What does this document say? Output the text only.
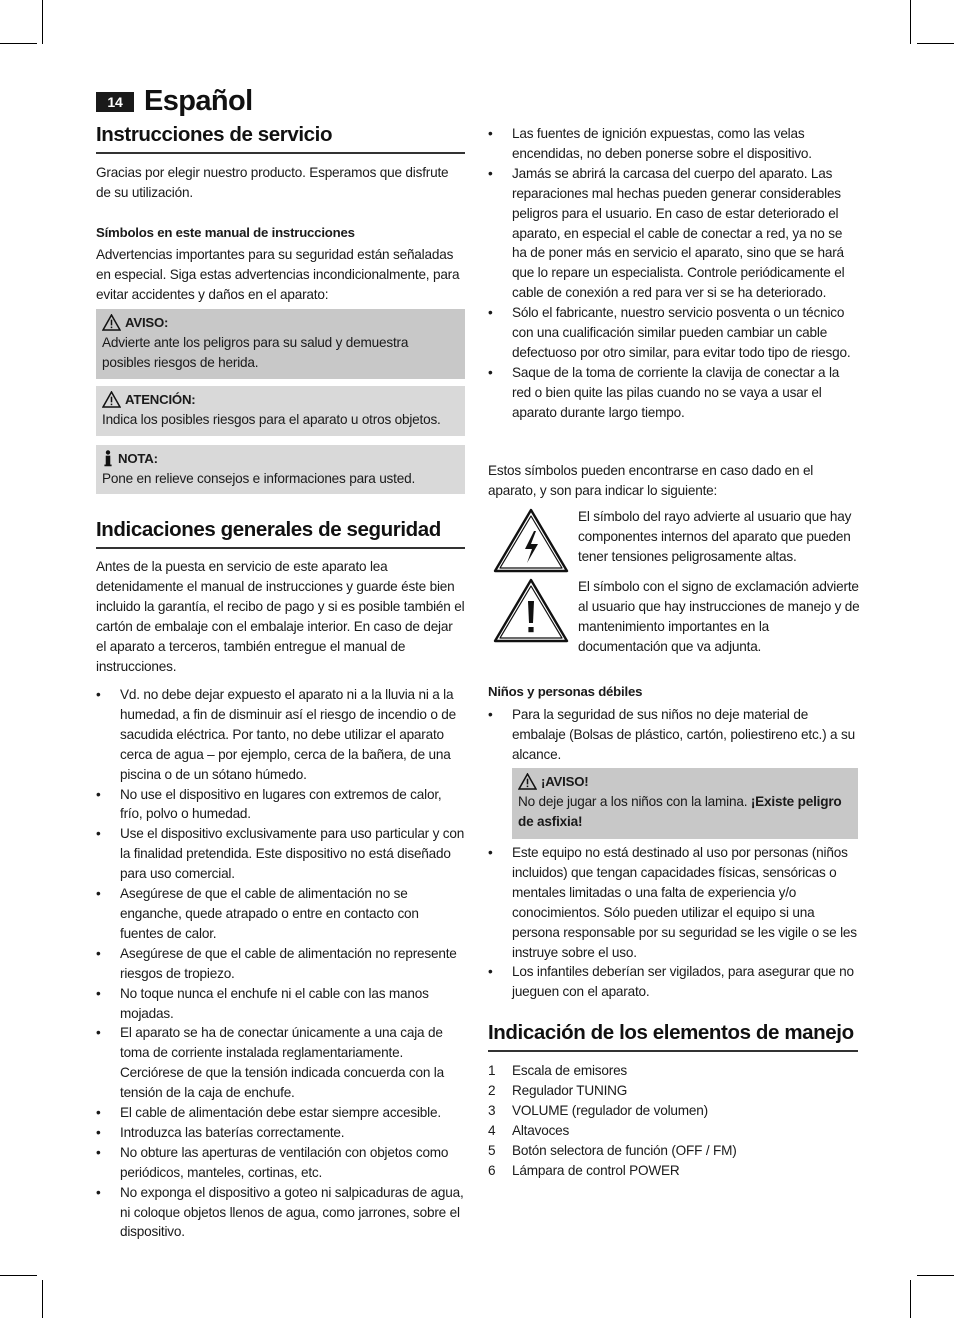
14 Español
Instrucciones de servicio

Gracias por elegir nuestro producto. Esperamos que disfrute de su utilización.

Símbolos en este manual de instrucciones

Advertencias importantes para su seguridad están señaladas en especial. Siga estas advertencias incondicionalmente, para evitar accidentes y daños en el aparato:

AVISO:
Advierte ante los peligros para su salud y demuestra posibles riesgos de herida.
ATENCIÓN:
Indica los posibles riesgos para el aparato u otros objetos.
NOTA:
Pone en relieve consejos e informaciones para usted.
Indicaciones generales de seguridad

Antes de la puesta en servicio de este aparato lea detenidamente el manual de instrucciones y guarde éste bien incluido la garantía, el recibo de pago y si es posible también el cartón de embalaje con el embalaje interior. En caso de dejar el aparato a terceros, también entregue el manual de instrucciones.

• Vd. no debe dejar expuesto el aparato ni a la lluvia ni a la humedad, a fin de disminuir así el riesgo de incendio o de sacudida eléctrica. Por tanto, no debe utilizar el aparato cerca de agua – por ejemplo, cerca de la bañera, de una piscina o de un sótano húmedo.
• No use el dispositivo en lugares con extremos de calor, frío, polvo o humedad.
• Use el dispositivo exclusivamente para uso particular y con la finalidad pretendida. Este dispositivo no está diseñado para uso comercial.
• Asegúrese de que el cable de alimentación no se enganche, quede atrapado o entre en contacto con fuentes de calor.
• Asegúrese de que el cable de alimentación no represente riesgos de tropiezo.
• No toque nunca el enchufe ni el cable con las manos mojadas.
• El aparato se ha de conectar únicamente a una caja de toma de corriente instalada reglamentariamente. Cerciórese de que la tensión indicada concuerda con la tensión de la caja de enchufe.
• El cable de alimentación debe estar siempre accesible.
• Introduzca las baterías correctamente.
• No obture las aperturas de ventilación con objetos como periódicos, manteles, cortinas, etc.
• No exponga el dispositivo a goteo ni salpicaduras de agua, ni coloque objetos llenos de agua, como jarrones, sobre el dispositivo.
• Las fuentes de ignición expuestas, como las velas encendidas, no deben ponerse sobre el dispositivo.
• Jamás se abrirá la carcasa del cuerpo del aparato. Las reparaciones mal hechas pueden generar considerables peligros para el usuario. En caso de estar deteriorado el aparato, en especial el cable de conectar a red, ya no se ha de poner más en servicio el aparato, sino que se hará que lo repare un especialista. Controle periódicamente el cable de conexión a red para ver si se ha deteriorado.
• Sólo el fabricante, nuestro servicio posventa o un técnico con una cualificación similar pueden cambiar un cable defectuoso por otro similar, para evitar todo tipo de riesgo.
• Saque de la toma de corriente la clavija de conectar a la red o bien quite las pilas cuando no se vaya a usar el aparato durante largo tiempo.

Estos símbolos pueden encontrarse en caso dado en el aparato, y son para indicar lo siguiente:

El símbolo del rayo advierte al usuario que hay componentes internos del aparato que pueden tener tensiones peligrosamente altas.
El símbolo con el signo de exclamación advierte al usuario que hay instrucciones de manejo y de mantenimiento importantes en la documentación que va adjunta.
Niños y personas débiles
• Para la seguridad de sus niños no deje material de embalaje (Bolsas de plástico, cartón, poliestireno etc.) a su alcance.
¡AVISO!
No deje jugar a los niños con la lamina. ¡Existe peligro de asfixia!
• Este equipo no está destinado al uso por personas (niños incluidos) que tengan capacidades físicas, sensóricas o mentales limitadas o una falta de experiencia y/o conocimientos. Sólo pueden utilizar el equipo si una persona responsable por su seguridad se les vigile o se les instruye sobre el uso.
• Los infantiles deberían ser vigilados, para asegurar que no jueguen con el aparato.
Indicación de los elementos de manejo
1 Escala de emisores
2 Regulador TUNING
3 VOLUME (regulador de volumen)
4 Altavoces
5 Botón selectora de función (OFF / FM)
6 Lámpara de control POWER
